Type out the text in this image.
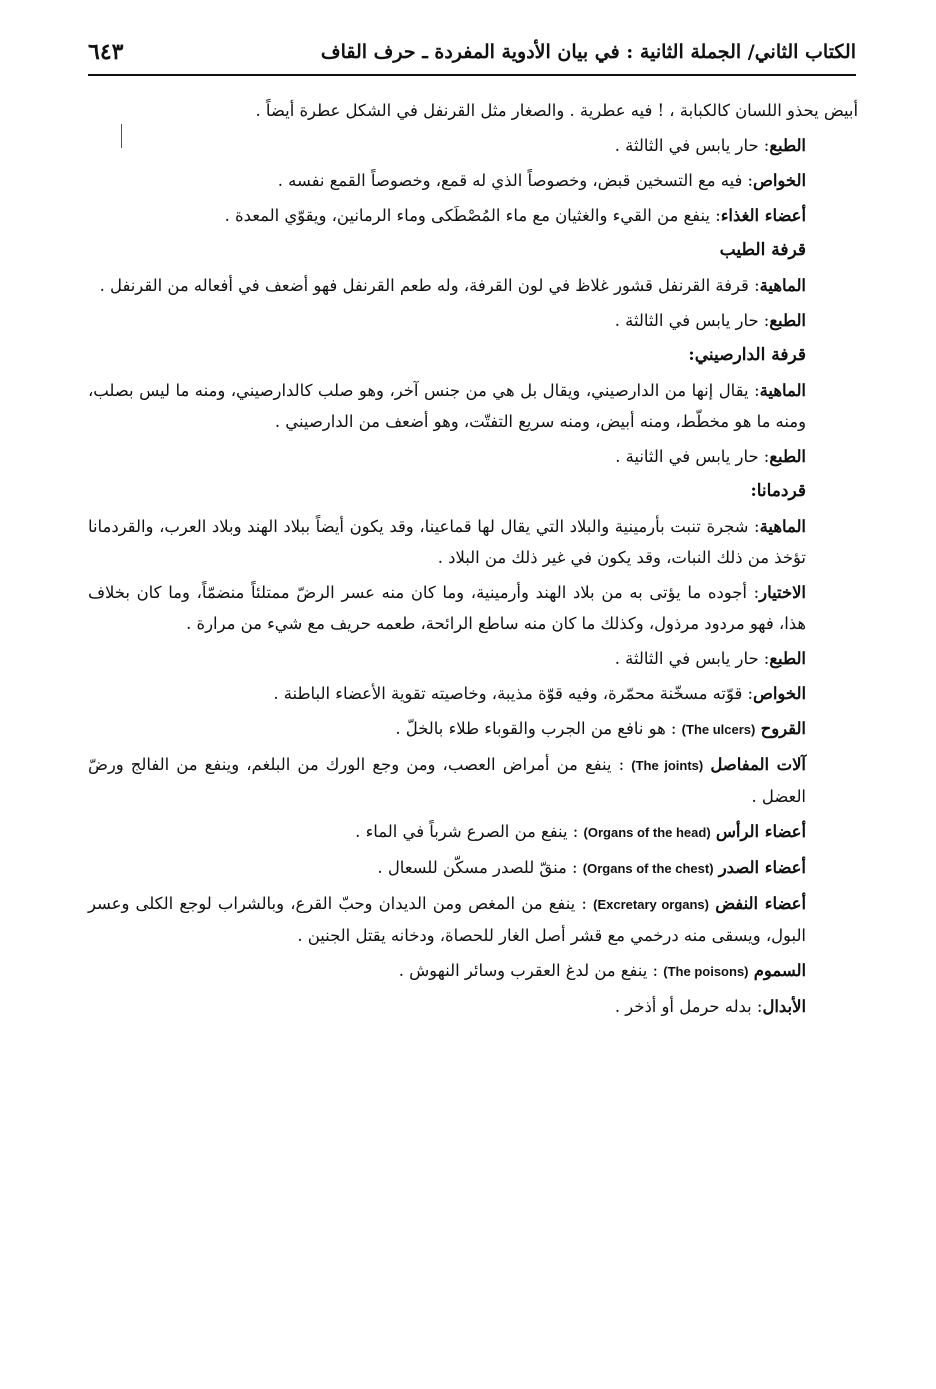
الكتاب الثاني/ الجملة الثانية : في بيان الأدوية المفردة ـ حرف القاف
٦٤٣

أبيض يحذو اللسان كالكبابة ، ! فيه عطرية . والصغار مثل القرنفل في الشكل عطرة أيضاً .

الطبع: حار يابس في الثالثة .

الخواص: فيه مع التسخين قبض، وخصوصاً الذي له قمع، وخصوصاً القمع نفسه .

أعضاء الغذاء: ينفع من القيء والغثيان مع ماء المُصْطَكى وماء الرمانين، ويقوّي المعدة .

قرفة الطيب

الماهية: قرفة القرنفل قشور غلاظ في لون القرفة، وله طعم القرنفل فهو أضعف في أفعاله من القرنفل .

الطبع: حار يابس في الثالثة .

قرفة الدارصيني:

الماهية: يقال إنها من الدارصيني، ويقال بل هي من جنس آخر، وهو صلب كالدارصيني، ومنه ما ليس بصلب، ومنه ما هو مخطّط، ومنه أبيض، ومنه سريع التفتّت، وهو أضعف من الدارصيني .

الطبع: حار يابس في الثانية .

قردمانا:

الماهية: شجرة تنبت بأرمينية والبلاد التي يقال لها قماعينا، وقد يكون أيضاً ببلاد الهند وبلاد العرب، والقردمانا تؤخذ من ذلك النبات، وقد يكون في غير ذلك من البلاد .

الاختيار: أجوده ما يؤتى به من بلاد الهند وأرمينية، وما كان منه عسر الرضّ ممتلئاً منضمّاً، وما كان بخلاف هذا، فهو مردود مرذول، وكذلك ما كان منه ساطع الرائحة، طعمه حريف مع شيء من مرارة .

الطبع: حار يابس في الثالثة .

الخواص: قوّته مسخّنة محمّرة، وفيه قوّة مذيبة، وخاصيته تقوية الأعضاء الباطنة .

القروح (The ulcers) : هو نافع من الجرب والقوباء طلاء بالخلّ .

آلات المفاصل (The joints) : ينفع من أمراض العصب، ومن وجع الورك من البلغم، وينفع من الفالج ورضّ العضل .

أعضاء الرأس (Organs of the head) : ينفع من الصرع شرباً في الماء .

أعضاء الصدر (Organs of the chest) : منقّ للصدر مسكّن للسعال .

أعضاء النفض (Excretary organs) : ينفع من المغص ومن الديدان وحبّ القرع، وبالشراب لوجع الكلى وعسر البول، ويسقى منه درخمي مع قشر أصل الغار للحصاة، ودخانه يقتل الجنين .

السموم (The poisons) : ينفع من لدغ العقرب وسائر النهوش .

الأبدال: بدله حرمل أو أذخر .
